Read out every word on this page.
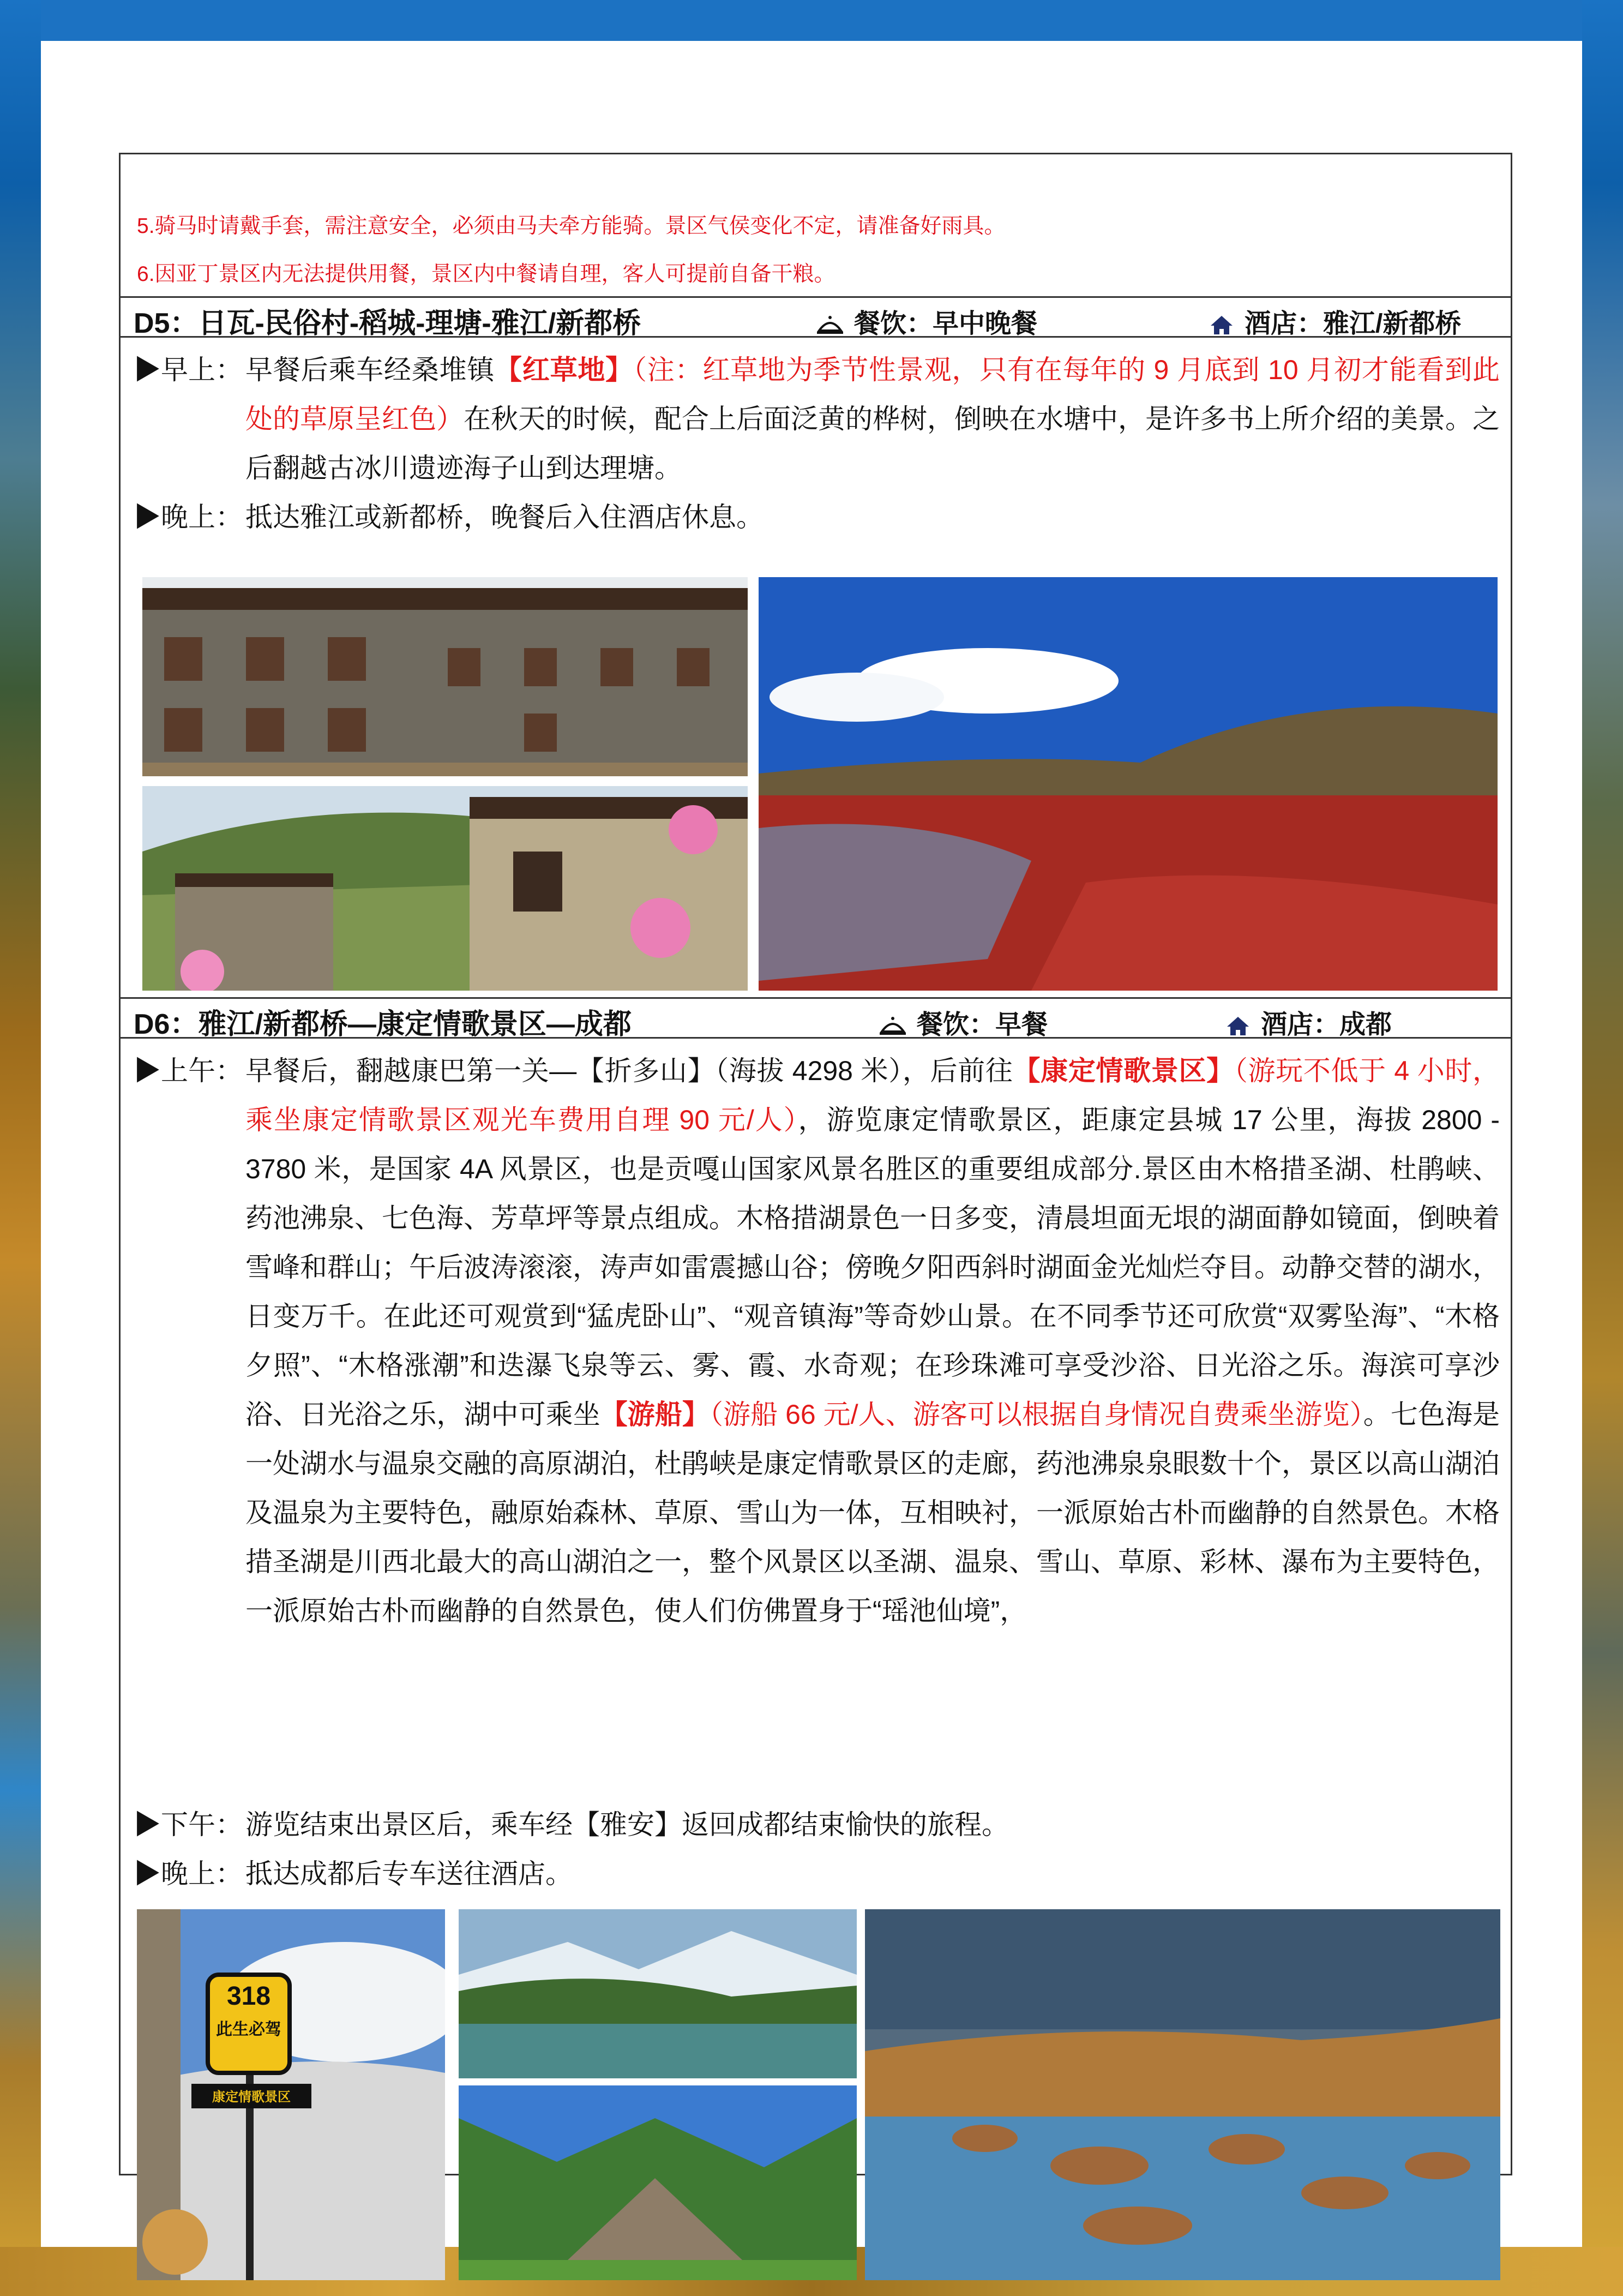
5.骑马时请戴手套，需注意安全，必须由马夫牵方能骑。景区气侯变化不定，请准备好雨具。
6.因亚丁景区内无法提供用餐，景区内中餐请自理，客人可提前自备干粮。
D5：日瓦-民俗村-稻城-理塘-雅江/新都桥	餐饮：早中晚餐	酒店：雅江/新都桥
▶早上： 早餐后乘车经桑堆镇【红草地】（注：红草地为季节性景观，只有在每年的 9 月底到 10 月初才能看到此处的草原呈红色）在秋天的时候，配合上后面泛黄的桦树，倒映在水塘中，是许多书上所介绍的美景。之后翻越古冰川遗迹海子山到达理塘。
▶晚上： 抵达雅江或新都桥，晚餐后入住酒店休息。
D6：雅江/新都桥—康定情歌景区—成都	餐饮：早餐	酒店：成都
▶上午： 早餐后，翻越康巴第一关—【折多山】（海拔 4298 米），后前往【康定情歌景区】（游玩不低于 4 小时，乘坐康定情歌景区观光车费用自理 90 元/人），游览康定情歌景区，距康定县城 17 公里，海拔 2800 - 3780 米，是国家 4A 风景区，也是贡嘎山国家风景名胜区的重要组成部分.景区由木格措圣湖、杜鹃峡、药池沸泉、七色海、芳草坪等景点组成。木格措湖景色一日多变，清晨坦面无垠的湖面静如镜面，倒映着雪峰和群山；午后波涛滚滚，涛声如雷震撼山谷；傍晚夕阳西斜时湖面金光灿烂夺目。动静交替的湖水，日变万千。在此还可观赏到“猛虎卧山”、“观音镇海”等奇妙山景。在不同季节还可欣赏“双雾坠海”、“木格夕照”、“木格涨潮”和迭瀑飞泉等云、雾、霞、水奇观；在珍珠滩可享受沙浴、日光浴之乐。海滨可享沙浴、日光浴之乐，湖中可乘坐【游船】（游船 66 元/人、游客可以根据自身情况自费乘坐游览）。七色海是一处湖水与温泉交融的高原湖泊，杜鹃峡是康定情歌景区的走廊，药池沸泉泉眼数十个，景区以高山湖泊及温泉为主要特色，融原始森林、草原、雪山为一体，互相映衬，一派原始古朴而幽静的自然景色。木格措圣湖是川西北最大的高山湖泊之一，整个风景区以圣湖、温泉、雪山、草原、彩林、瀑布为主要特色，一派原始古朴而幽静的自然景色，使人们仿佛置身于“瑶池仙境”，
▶下午： 游览结束出景区后，乘车经【雅安】返回成都结束愉快的旅程。
▶晚上： 抵达成都后专车送往酒店。
318
此生必驾
康定情歌景区
